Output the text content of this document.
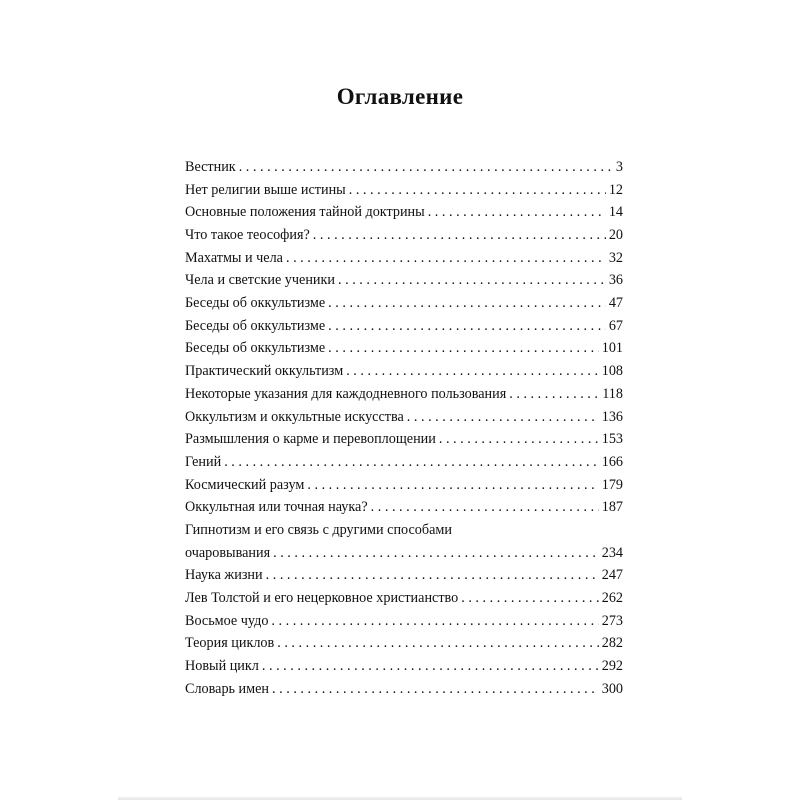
Оглавление
Вестник . . .	3
Нет религии выше истины . . .	12
Основные положения тайной доктрины . . .	14
Что такое теософия? . . .	20
Махатмы и чела . . .	32
Чела и светские ученики . . .	36
Беседы об оккультизме . . .	47
Беседы об оккультизме . . .	67
Беседы об оккультизме . . .	101
Практический оккультизм . . .	108
Некоторые указания для каждодневного пользования . . .	118
Оккультизм и оккультные искусства . . .	136
Размышления о карме и перевоплощении . . .	153
Гений . . .	166
Космический разум . . .	179
Оккультная или точная наука? . . .	187
Гипнотизм и его связь с другими способами
очаровывания . . .	234
Наука жизни . . .	247
Лев Толстой и его нецерковное христианство . . .	262
Восьмое чудо . . .	273
Теория циклов . . .	282
Новый цикл . . .	292
Словарь имен . . .	300
